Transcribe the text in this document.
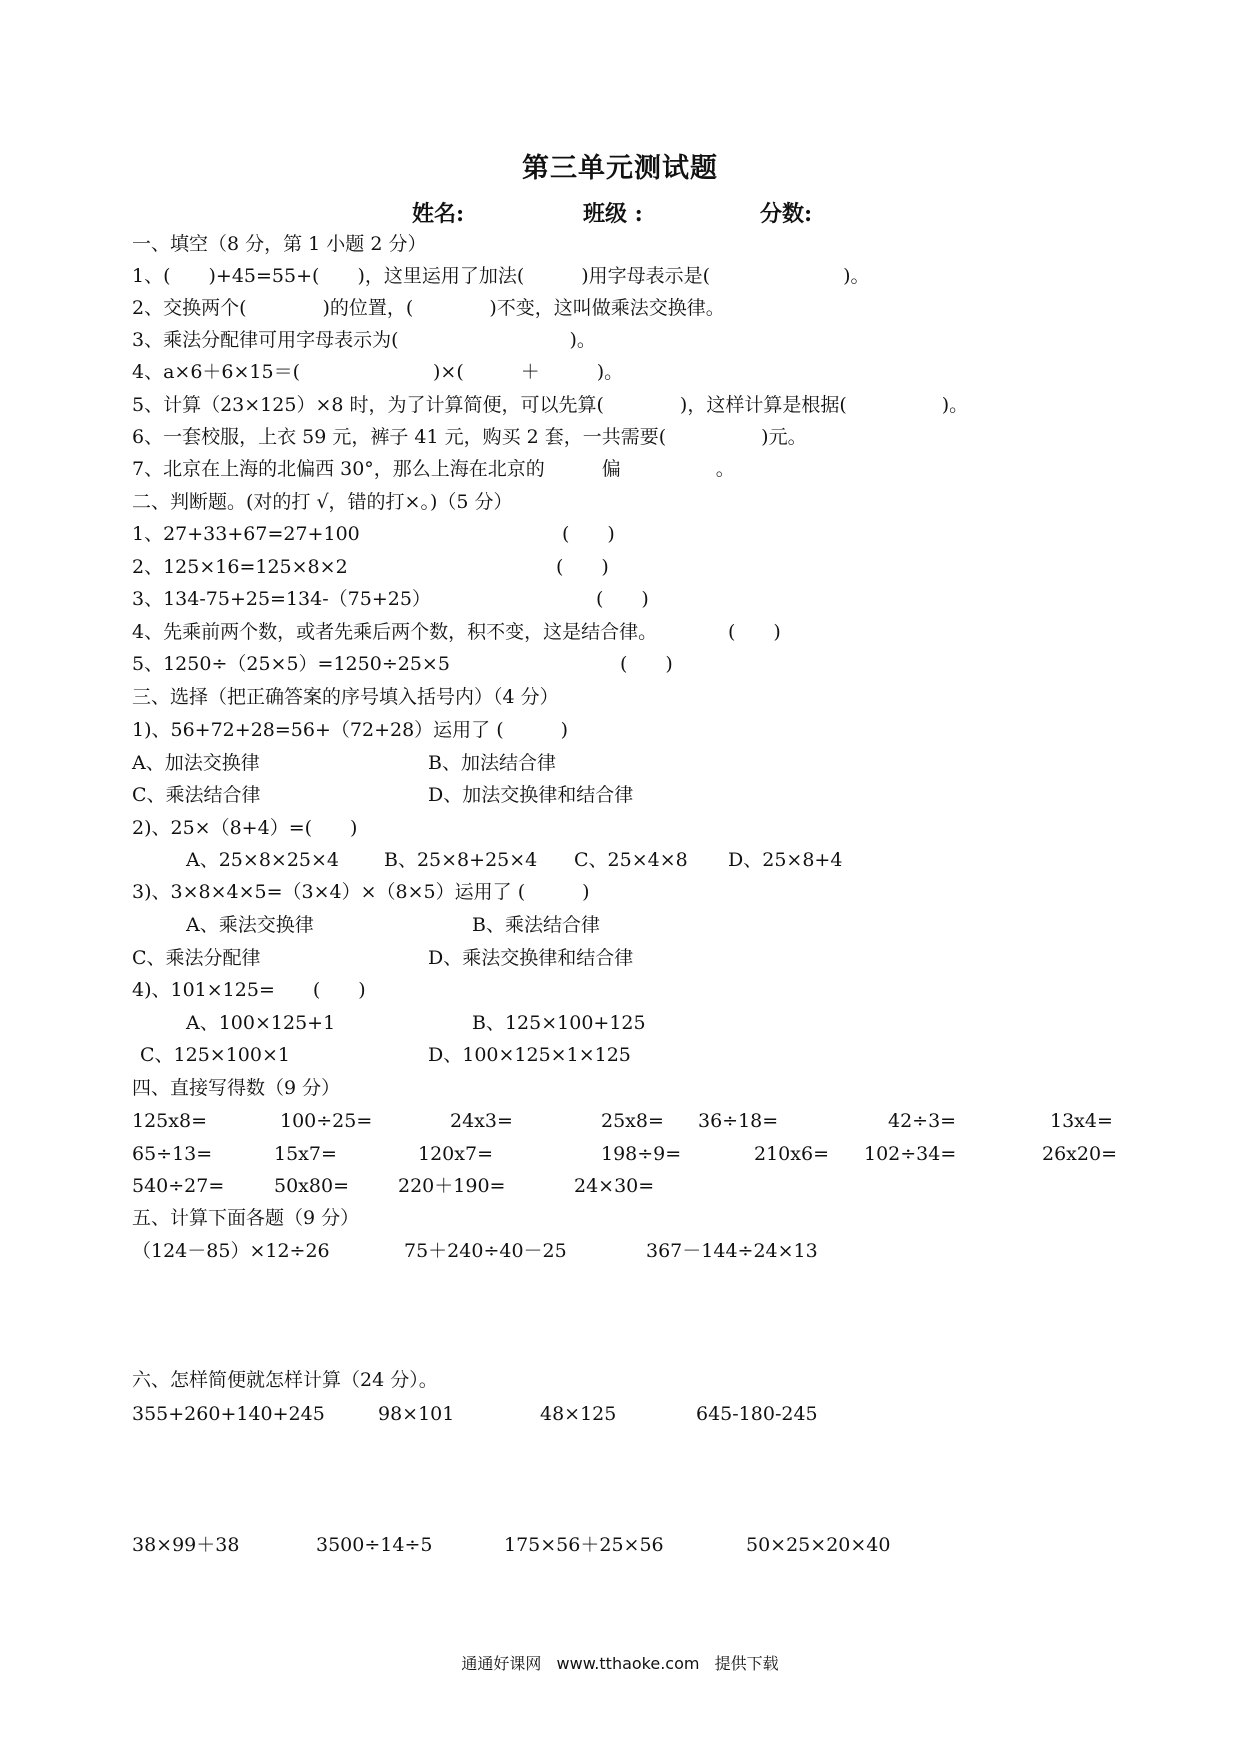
第三单元测试题
姓名:	班级 :	分数:
一、填空（8 分，第 1 小题 2 分）
1、(　　)+45=55+(　　)，这里运用了加法(　　　)用字母表示是(　　　　　　　)。
2、交换两个(　　　　)的位置，(　　　　)不变，这叫做乘法交换律。
3、乘法分配律可用字母表示为(　　　　　　　　　)。
4、a×6＋6×15＝(　　　　　　　)×(　　　＋　　　)。
5、计算（23×125）×8 时，为了计算简便，可以先算(　　　　)，这样计算是根据(　　　　　)。
6、一套校服，上衣 59 元，裤子 41 元，购买 2 套，一共需要(　　　　　)元。
7、北京在上海的北偏西 30°，那么上海在北京的　　　偏　　　　　。
二、判断题。(对的打 √，错的打×。)（5 分）
1、27+33+67=27+100	(　　)
2、125×16=125×8×2	(　　)
3、134-75+25=134-（75+25）	(　　)
4、先乘前两个数，或者先乘后两个数，积不变，这是结合律。	(　　)
5、1250÷（25×5）=1250÷25×5	(　　)
三、选择（把正确答案的序号填入括号内）（4 分）
1)、56+72+28=56+（72+28）运用了 (　　　)
A、加法交换律	B、加法结合律
C、乘法结合律	D、加法交换律和结合律
2)、25×（8+4）=(　　)
A、25×8×25×4 B、25×8+25×4 C、25×4×8 D、25×8+4
3)、3×8×4×5=（3×4）×（8×5）运用了 (　　　)
A、乘法交换律	B、乘法结合律
C、乘法分配律	D、乘法交换律和结合律
4)、101×125=　　(　　)
A、100×125+1	B、125×100+125
C、125×100×1	D、100×125×1×125
四、直接写得数（9 分）
125x8=	100÷25=	24x3=	25x8= 36÷18=	42÷3=	13x4=
65÷13=	15x7=	120x7=	198÷9=	210x6= 102÷34=	26x20=
540÷27=	50x80=	220＋190=	24×30=
五、计算下面各题（9 分）
（124－85）×12÷26	75＋240÷40－25	367－144÷24×13
六、怎样简便就怎样计算（24 分）。
355+260+140+245	98×101	48×125	645-180-245
38×99＋38	3500÷14÷5	175×56＋25×56	50×25×20×40
通通好课网 www.tthaoke.com 提供下载
